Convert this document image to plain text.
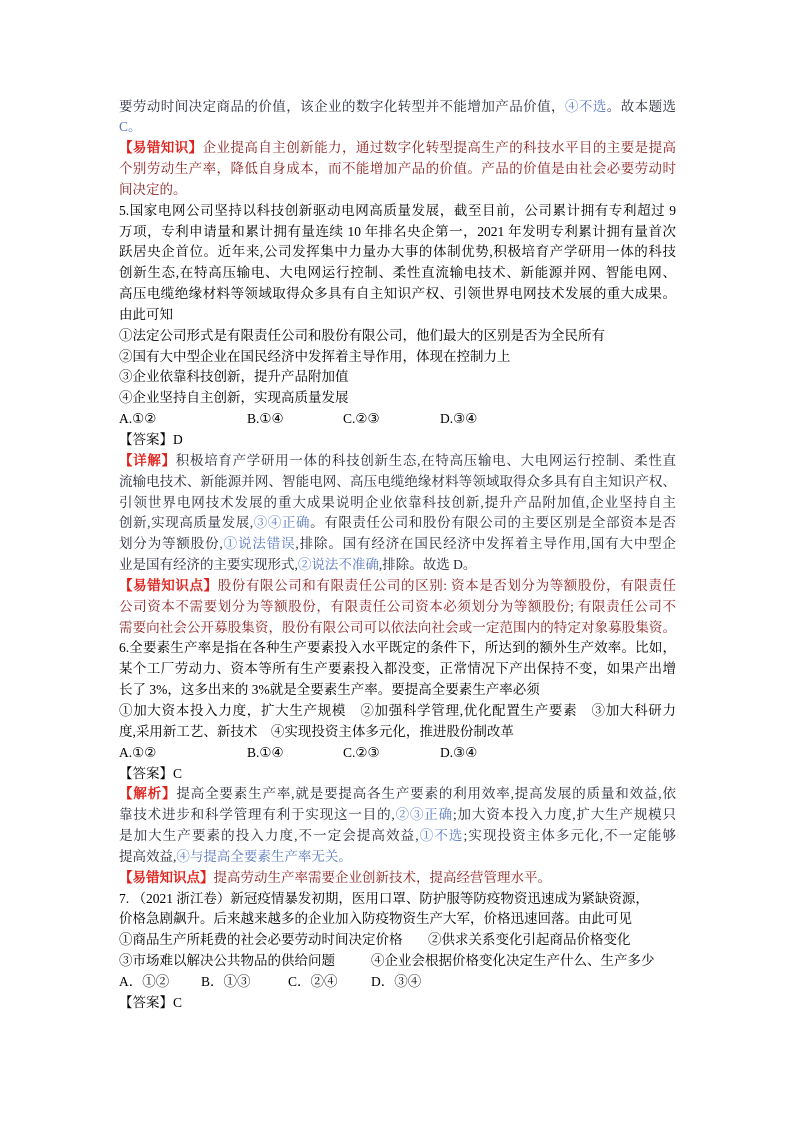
要劳动时间决定商品的价值，该企业的数字化转型并不能增加产品价值，④不选。故本题选
C。
【易错知识】企业提高自主创新能力，通过数字化转型提高生产的科技水平目的主要是提高
个别劳动生产率，降低自身成本，而不能增加产品的价值。产品的价值是由社会必要劳动时
间决定的。
5.国家电网公司坚持以科技创新驱动电网高质量发展，截至目前，公司累计拥有专利超过 9
万项，专利申请量和累计拥有量连续 10 年排名央企第一，2021 年发明专利累计拥有量首次
跃居央企首位。近年来,公司发挥集中力量办大事的体制优势,积极培育产学研用一体的科技
创新生态,在特高压输电、大电网运行控制、柔性直流输电技术、新能源并网、智能电网、
高压电缆绝缘材料等领域取得众多具有自主知识产权、引领世界电网技术发展的重大成果。
由此可知
①法定公司形式是有限责任公司和股份有限公司，他们最大的区别是否为全民所有
②国有大中型企业在国民经济中发挥着主导作用，体现在控制力上
③企业依靠科技创新，提升产品附加值
④企业坚持自主创新，实现高质量发展
A.①②	B.①④	C.②③	D.③④
【答案】D
【详解】积极培育产学研用一体的科技创新生态,在特高压输电、大电网运行控制、柔性直
流输电技术、新能源并网、智能电网、高压电缆绝缘材料等领域取得众多具有自主知识产权、
引领世界电网技术发展的重大成果说明企业依靠科技创新,提升产品附加值,企业坚持自主
创新,实现高质量发展,③④正确。有限责任公司和股份有限公司的主要区别是全部资本是否
划分为等额股份,①说法错误,排除。国有经济在国民经济中发挥着主导作用,国有大中型企
业是国有经济的主要实现形式,②说法不准确,排除。故选 D。
【易错知识点】股份有限公司和有限责任公司的区别: 资本是否划分为等额股份，有限责任
公司资本不需要划分为等额股份，有限责任公司资本必须划分为等额股份; 有限责任公司不
需要向社会公开募股集资，股份有限公司可以依法向社会或一定范围内的特定对象募股集资。
6.全要素生产率是指在各种生产要素投入水平既定的条件下，所达到的额外生产效率。比如，
某个工厂劳动力、资本等所有生产要素投入都没变，正常情况下产出保持不变，如果产出增
长了 3%，这多出来的 3%就是全要素生产率。要提高全要素生产率必须
①加大资本投入力度，扩大生产规模　②加强科学管理,优化配置生产要素　③加大科研力
度,采用新工艺、新技术　④实现投资主体多元化，推进股份制改革
A.①②	B.①④	C.②③	D.③④
【答案】C
【解析】提高全要素生产率,就是要提高各生产要素的利用效率,提高发展的质量和效益,依
靠技术进步和科学管理有利于实现这一目的,②③正确;加大资本投入力度,扩大生产规模只
是加大生产要素的投入力度,不一定会提高效益,①不选;实现投资主体多元化,不一定能够
提高效益,④与提高全要素生产率无关。
【易错知识点】提高劳动生产率需要企业创新技术，提高经营管理水平。
7. （2021 浙江卷）新冠疫情暴发初期，医用口罩、防护服等防疫物资迅速成为紧缺资源，
价格急剧飙升。后来越来越多的企业加入防疫物资生产大军，价格迅速回落。由此可见
①商品生产所耗费的社会必要劳动时间决定价格 ②供求关系变化引起商品价格变化
③市场难以解决公共物品的供给问题	④企业会根据价格变化决定生产什么、生产多少
A．①② B．①③	C．②④ D．③④
【答案】C
